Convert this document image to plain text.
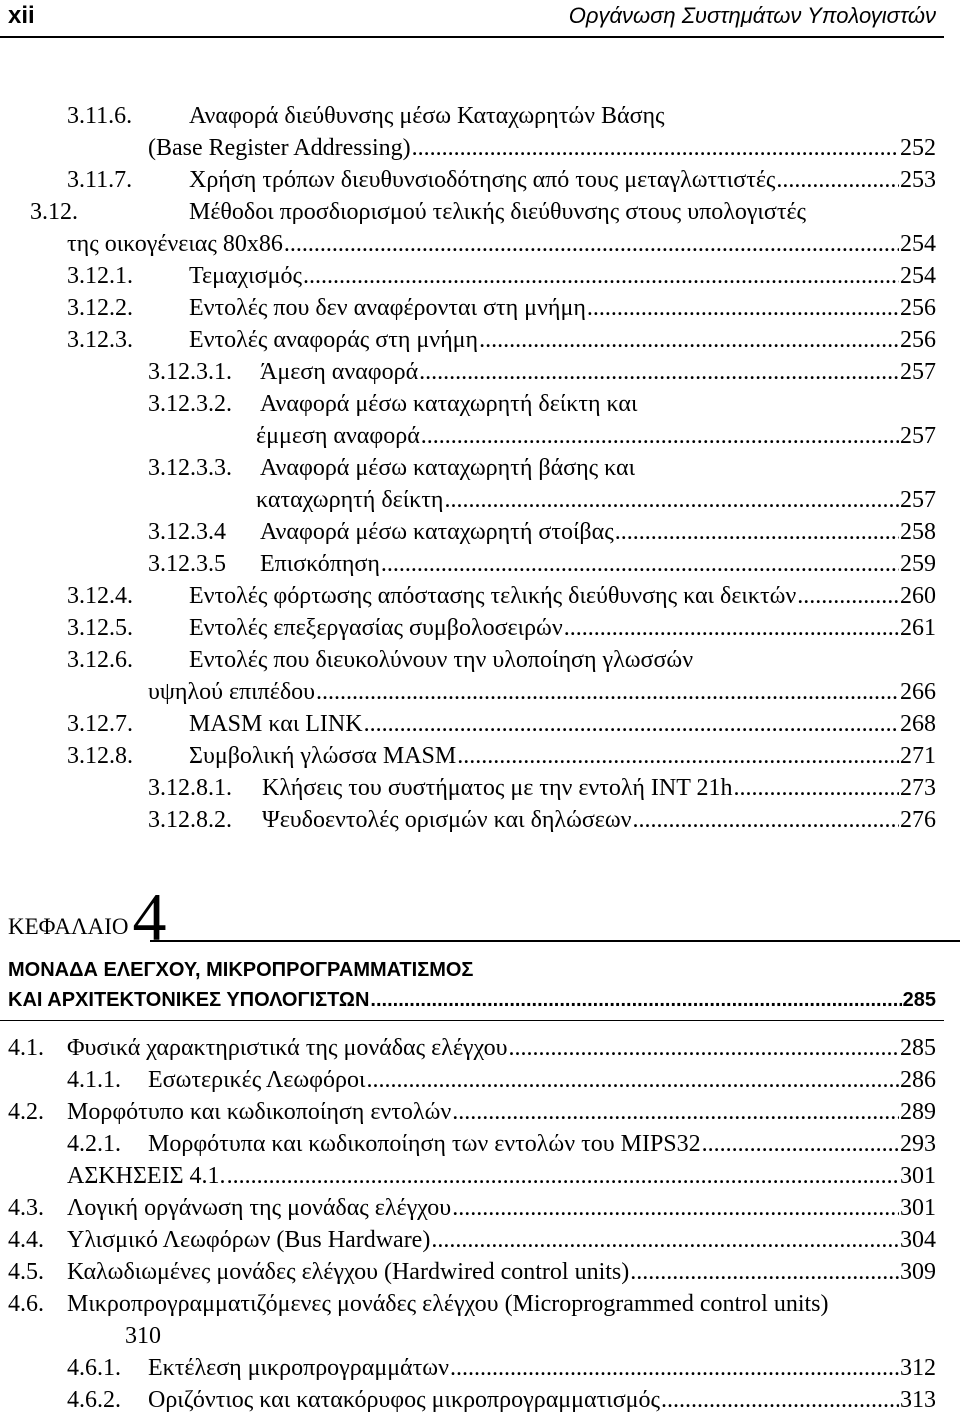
xii	Οργάνωση Συστημάτων Υπολογιστών
3.11.6. Αναφορά διεύθυνσης μέσω Καταχωρητών Βάσης
(Base Register Addressing) .....	252
3.11.7.	Χρήση τρόπων διευθυνσιοδότησης από τους μεταγλωττιστές .....	253
3.12.	Μέθοδοι προσδιορισμού τελικής διεύθυνσης στους υπολογιστές
της οικογένειας 80x86 .....	254
3.12.1.	Τεμαχισμός .....	254
3.12.2.	Εντολές που δεν αναφέρονται στη μνήμη .....	256
3.12.3.	Εντολές αναφοράς στη μνήμη .....	256
3.12.3.1.	Άμεση αναφορά .....	257
3.12.3.2. Αναφορά μέσω καταχωρητή δείκτη και
έμμεση αναφορά .....	257
3.12.3.3. Αναφορά μέσω καταχωρητή βάσης και
καταχωρητή δείκτη .....	257
3.12.3.4	Αναφορά μέσω καταχωρητή στοίβας .....	258
3.12.3.5	Επισκόπηση .....	259
3.12.4.	Εντολές φόρτωσης απόστασης τελικής διεύθυνσης και δεικτών .....	260
3.12.5.	Εντολές επεξεργασίας συμβολοσειρών .....	261
3.12.6. Εντολές που διευκολύνουν την υλοποίηση γλωσσών
υψηλού επιπέδου .....	266
3.12.7.	MASM και LINK .....	268
3.12.8.	Συμβολική γλώσσα MASM .....	271
3.12.8.1.	Κλήσεις του συστήματος με την εντολή INT 21h .....	273
3.12.8.2.	Ψευδοεντολές ορισμών και δηλώσεων .....	276
4.1. Φυσικά χαρακτηριστικά της μονάδας ελέγχου .....	285
4.1.1.	Εσωτερικές Λεωφόροι .....	286
4.2. Μορφότυπο και κωδικοποίηση εντολών .....	289
4.2.1.	Μορφότυπα και κωδικοποίηση των εντολών του MIPS32 .....	293
ΑΣΚΗΣΕΙΣ 4.1. .....	301
4.3. Λογική οργάνωση της μονάδας ελέγχου .....	301
4.4. Υλισμικό Λεωφόρων (Bus Hardware) .....	304
4.5. Καλωδιωμένες μονάδες ελέγχου (Hardwired control units) .....	309
4.6. Μικροπρογραμματιζόμενες μονάδες ελέγχου (Microprogrammed control units)
310
4.6.1.	Εκτέλεση μικροπρογραμμάτων .....	312
4.6.2.	Οριζόντιος και κατακόρυφος μικροπρογραμματισμός .....	313
ΚΕΦΑΛΑΙΟ4
ΜΟΝΑΔΑ ΕΛΕΓΧΟΥ, ΜΙΚΡΟΠΡΟΓΡΑΜΜΑΤΙΣΜΟΣ
ΚΑΙ ΑΡΧΙΤΕΚΤΟΝΙΚΕΣ ΥΠΟΛΟΓΙΣΤΩΝ .....	285
